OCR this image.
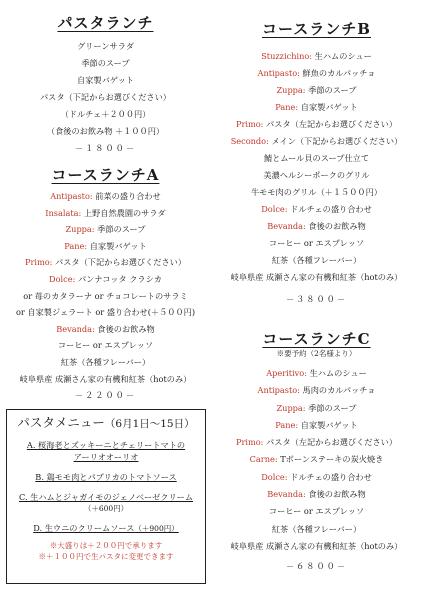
パスタランチ
グリーンサラダ
季節のスープ
自家製バゲット
パスタ（下記からお選びください）
（ドルチェ＋２００円）
（食後のお飲み物 ＋１００円）
－１８００－
コースランチA
Antipasto: 前菜の盛り合わせ
Insalata: 上野自然農園のサラダ
Zuppa: 季節のスープ
Pane: 自家製バゲット
Primo: パスタ（下記からお選びください）
Dolce: パンナコッタ クラシカ
or 苺のカタラーナ or チョコレートのサラミ
or 自家製ジェラート or 盛り合わせ(＋５００円)
Bevanda: 食後のお飲み物
コーヒー or エスプレッソ
紅茶（各種フレーバー）
岐阜県産 成瀬さん家の有機和紅茶（hotのみ）
－２２００－
パスタメニュー（6月1日～15日）
A. 桜海老とズッキーニとチェリートマトの
アーリオオーリオ
B. 鶏モモ肉とパプリカのトマトソース
C. 生ハムとジャガイモのジェノベーゼクリーム
（＋600円）
D. 生ウニのクリームソース（＋900円）
※大盛りは＋２００円で承ります
※＋１００円で生パスタに変更できます
コースランチB
Stuzzichino: 生ハムのシュー
Antipasto: 鮮魚のカルパッチョ
Zuppa: 季節のスープ
Pane: 自家製バゲット
Primo: パスタ（左記からお選びください）
Secondo: メイン（下記からお選びください）
鯖とムール貝のスープ仕立て
美濃ヘルシーポークのグリル
牛モモ肉のグリル（＋１５００円）
Dolce: ドルチェの盛り合わせ
Bevanda: 食後のお飲み物
コーヒー or エスプレッソ
紅茶（各種フレーバー）
岐阜県産 成瀬さん家の有機和紅茶（hotのみ）
－３８００－
コースランチC
※要予約（2名様より）
Aperitivo: 生ハムのシュー
Antipasto: 馬肉のカルパッチョ
Zuppa: 季節のスープ
Pane: 自家製バゲット
Primo: パスタ（左記からお選びください）
Carne: Tボーンステーキの炭火焼き
Dolce: ドルチェの盛り合わせ
Bevanda: 食後のお飲み物
コーヒー or エスプレッソ
紅茶（各種フレーバー）
岐阜県産 成瀬さん家の有機和紅茶（hotのみ）
－６８００－
